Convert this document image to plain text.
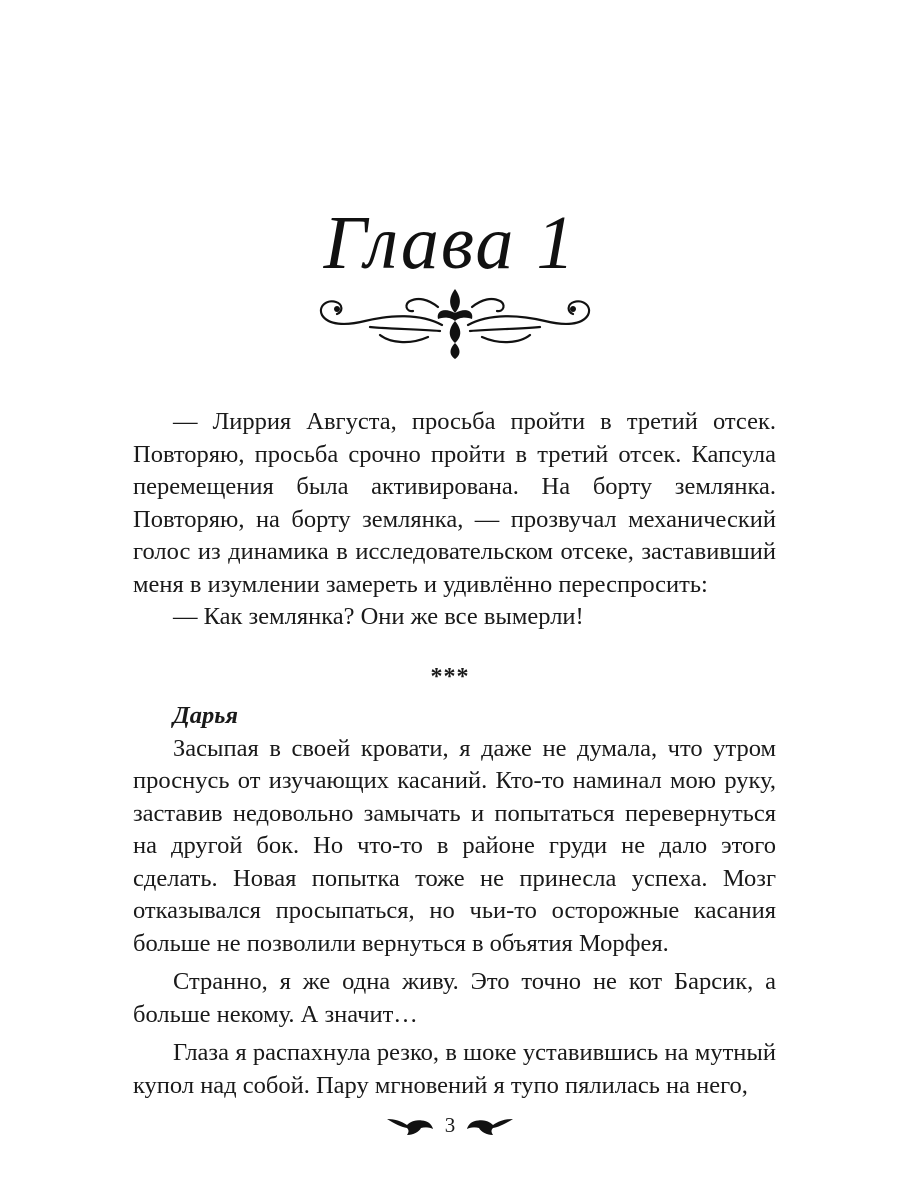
Глава 1

— Лиррия Августа, просьба пройти в третий отсек. Повторяю, просьба срочно пройти в третий отсек. Капсула перемещения была активирована. На борту землянка. Повторяю, на борту землянка, — прозвучал механический голос из динамика в исследовательском отсеке, заставивший меня в изумлении замереть и удивлённо переспросить:

— Как землянка? Они же все вымерли!

***

Дарья

Засыпая в своей кровати, я даже не думала, что утром проснусь от изучающих касаний. Кто-то наминал мою руку, заставив недовольно замычать и попытаться перевернуться на другой бок. Но что-то в районе груди не дало этого сделать. Новая попытка тоже не принесла успеха. Мозг отказывался просыпаться, но чьи-то осторожные касания больше не позволили вернуться в объятия Морфея.

Странно, я же одна живу. Это точно не кот Барсик, а больше некому. А значит…

Глаза я распахнула резко, в шоке уставившись на мутный купол над собой. Пару мгновений я тупо пялилась на него,

3
